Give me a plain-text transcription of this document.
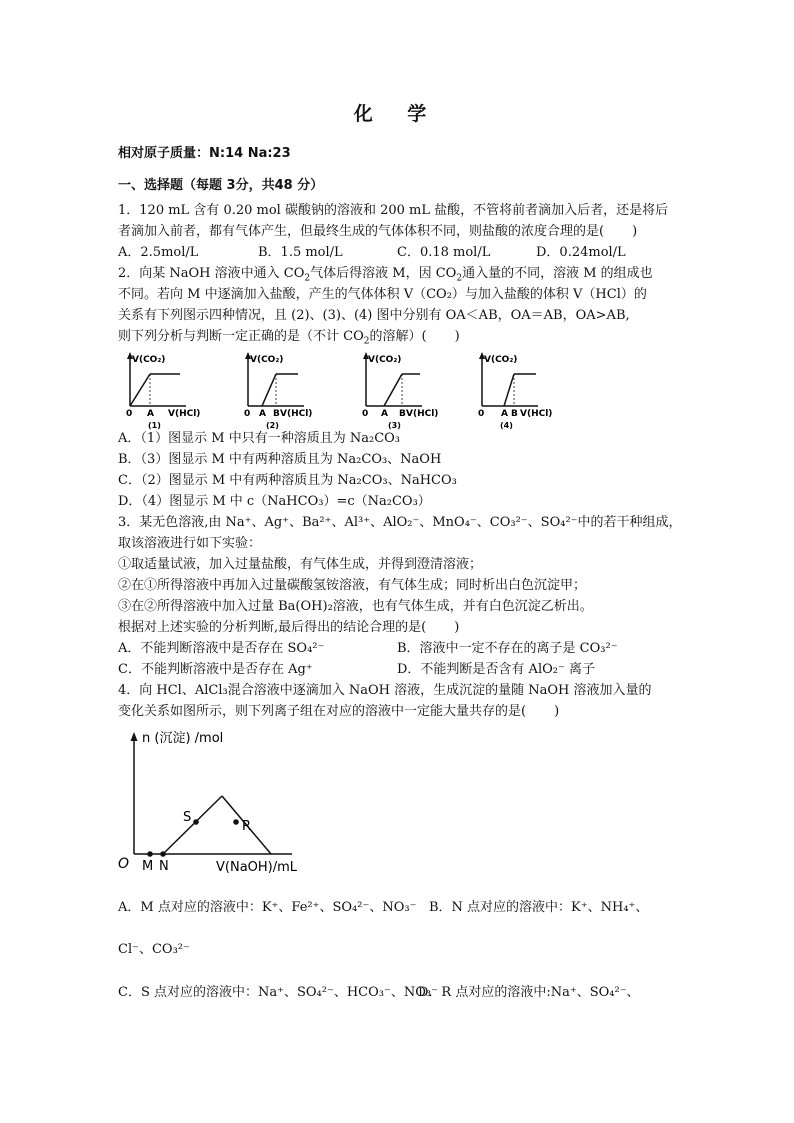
化 学
相对原子质量：N:14 Na:23
一、选择题（每题 3分，共48 分）
1．120 mL 含有 0.20 mol 碳酸钠的溶液和 200 mL 盐酸，不管将前者滴加入后者，还是将后
者滴加入前者，都有气体产生，但最终生成的气体体积不同，则盐酸的浓度合理的是( )
A．2.5mol/L	B．1.5 mol/L	C．0.18 mol/L	D．0.24mol/L
2．向某 NaOH 溶液中通入 $CO_2$气体后得溶液 M，因 $CO_2$通入量的不同，溶液 M 的组成也
不同。若向 M 中逐滴加入盐酸，产生的气体体积 V（CO₂）与加入盐酸的体积 V（HCl）的
关系有下列图示四种情况，且 (2)、(3)、(4) 图中分别有 OA＜AB，OA＝AB，OA>AB,
则下列分析与判断一定正确的是（不计 $CO_2$的溶解）( )
V(CO₂)
0 A V(HCl)
(1)
V(CO₂)
0 A B V(HCl)
(2)
V(CO₂)
0 A B V(HCl)
(3)
V(CO₂)
0 A B V(HCl)
(4)
A．（1）图显示 M 中只有一种溶质且为 Na₂CO₃
B．（3）图显示 M 中有两种溶质且为 Na₂CO₃、NaOH
C．（2）图显示 M 中有两种溶质且为 Na₂CO₃、NaHCO₃
D．（4）图显示 M 中 c（NaHCO₃）=c（Na₂CO₃）
3．某无色溶液,由 Na⁺、Ag⁺、Ba²⁺、Al³⁺、AlO₂⁻、MnO₄⁻、CO₃²⁻、SO₄²⁻中的若干种组成，
取该溶液进行如下实验：
①取适量试液，加入过量盐酸，有气体生成，并得到澄清溶液；
②在①所得溶液中再加入过量碳酸氢铵溶液，有气体生成；同时析出白色沉淀甲；
③在②所得溶液中加入过量 Ba(OH)₂溶液，也有气体生成，并有白色沉淀乙析出。
根据对上述实验的分析判断,最后得出的结论合理的是( )
A．不能判断溶液中是否存在 SO₄²⁻	B．溶液中一定不存在的离子是 CO₃²⁻
C．不能判断溶液中是否存在 Ag⁺	D．不能判断是否含有 AlO₂⁻ 离子
4．向 HCl、AlCl₃混合溶液中逐滴加入 NaOH 溶液，生成沉淀的量随 NaOH 溶液加入量的
变化关系如图所示，则下列离子组在对应的溶液中一定能大量共存的是( )
n (沉淀) /mol
O M N
S
R
V(NaOH)/mL
A．M 点对应的溶液中：K⁺、Fe²⁺、SO₄²⁻、NO₃⁻ B．N 点对应的溶液中：K⁺、NH₄⁺、
Cl⁻、CO₃²⁻
C．S 点对应的溶液中：Na⁺、SO₄²⁻、HCO₃⁻、NO₃⁻
D．R 点对应的溶液中:Na⁺、SO₄²⁻、
